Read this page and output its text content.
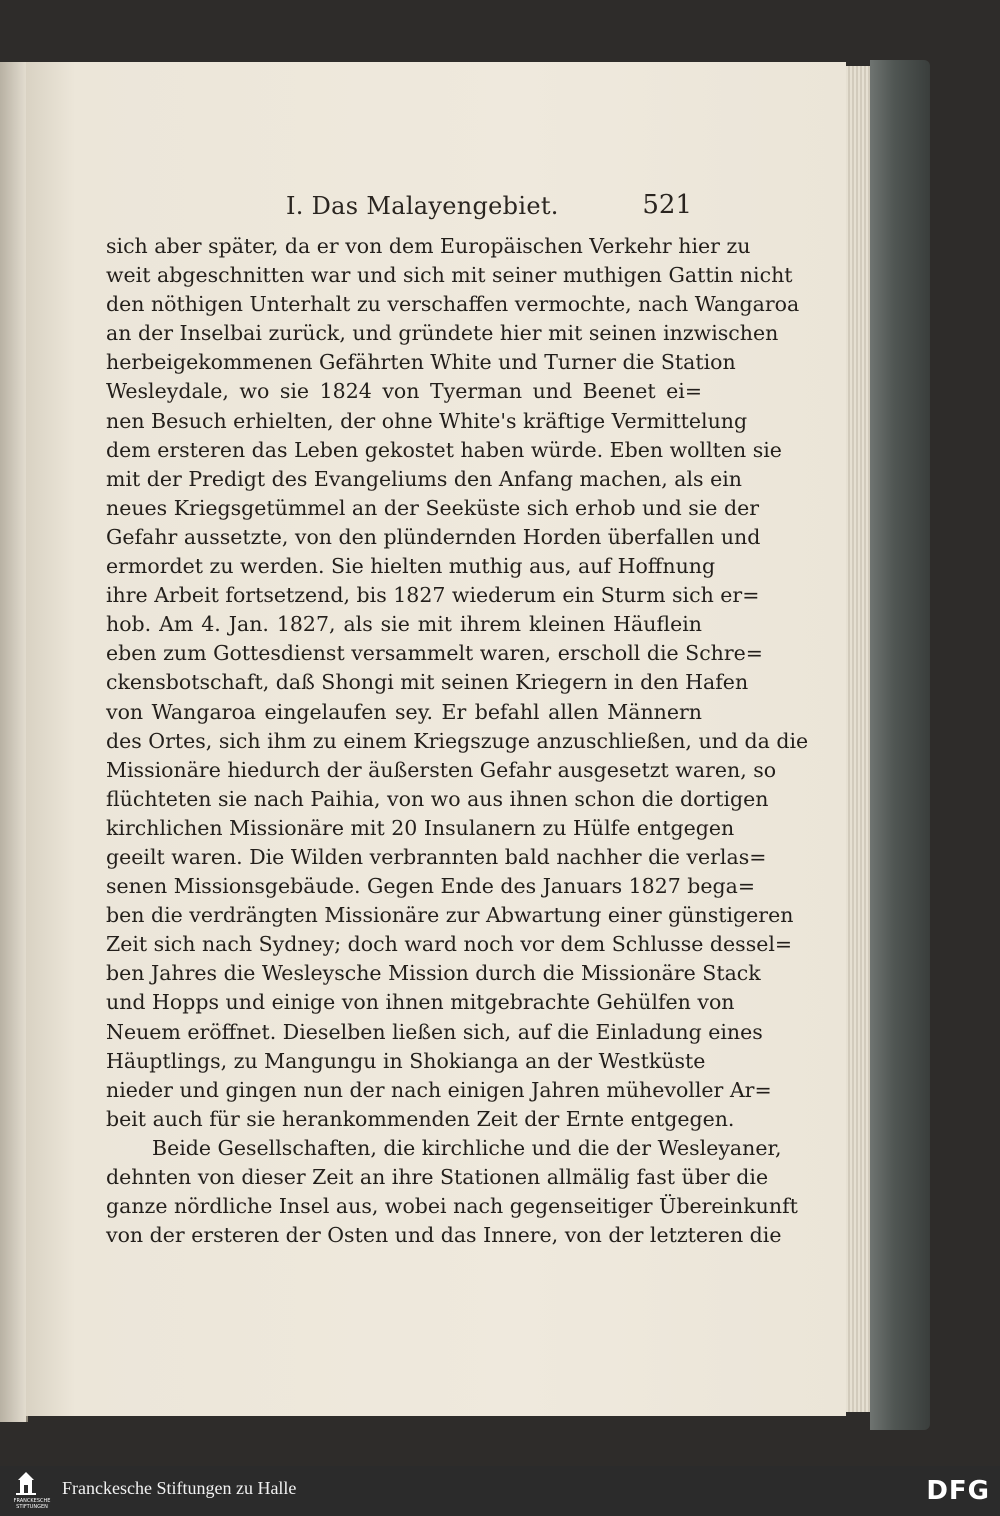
I. Das Malayengebiet.	521
sich aber später, da er von dem Europäischen Verkehr hier zu
weit abgeschnitten war und sich mit seiner muthigen Gattin nicht
den nöthigen Unterhalt zu verschaffen vermochte, nach Wangaroa
an der Inselbai zurück, und gründete hier mit seinen inzwischen
herbeigekommenen Gefährten White und Turner die Station
Wesleydale, wo sie 1824 von Tyerman und Beenet ei=
nen Besuch erhielten, der ohne White's kräftige Vermittelung
dem ersteren das Leben gekostet haben würde. Eben wollten sie
mit der Predigt des Evangeliums den Anfang machen, als ein
neues Kriegsgetümmel an der Seeküste sich erhob und sie der
Gefahr aussetzte, von den plündernden Horden überfallen und
ermordet zu werden. Sie hielten muthig aus, auf Hoffnung
ihre Arbeit fortsetzend, bis 1827 wiederum ein Sturm sich er=
hob. Am 4. Jan. 1827, als sie mit ihrem kleinen Häuflein
eben zum Gottesdienst versammelt waren, erscholl die Schre=
ckensbotschaft, daß Shongi mit seinen Kriegern in den Hafen
von Wangaroa eingelaufen sey. Er befahl allen Männern
des Ortes, sich ihm zu einem Kriegszuge anzuschließen, und da die
Missionäre hiedurch der äußersten Gefahr ausgesetzt waren, so
flüchteten sie nach Paihia, von wo aus ihnen schon die dortigen
kirchlichen Missionäre mit 20 Insulanern zu Hülfe entgegen
geeilt waren. Die Wilden verbrannten bald nachher die verlas=
senen Missionsgebäude. Gegen Ende des Januars 1827 bega=
ben die verdrängten Missionäre zur Abwartung einer günstigeren
Zeit sich nach Sydney; doch ward noch vor dem Schlusse dessel=
ben Jahres die Wesleysche Mission durch die Missionäre Stack
und Hopps und einige von ihnen mitgebrachte Gehülfen von
Neuem eröffnet. Dieselben ließen sich, auf die Einladung eines
Häuptlings, zu Mangungu in Shokianga an der Westküste
nieder und gingen nun der nach einigen Jahren mühevoller Ar=
beit auch für sie herankommenden Zeit der Ernte entgegen.
Beide Gesellschaften, die kirchliche und die der Wesleyaner,
dehnten von dieser Zeit an ihre Stationen allmälig fast über die
ganze nördliche Insel aus, wobei nach gegenseitiger Übereinkunft
von der ersteren der Osten und das Innere, von der letzteren die
FRANCKESCHE STIFTUNGEN
Franckesche Stiftungen zu Halle	DFG
